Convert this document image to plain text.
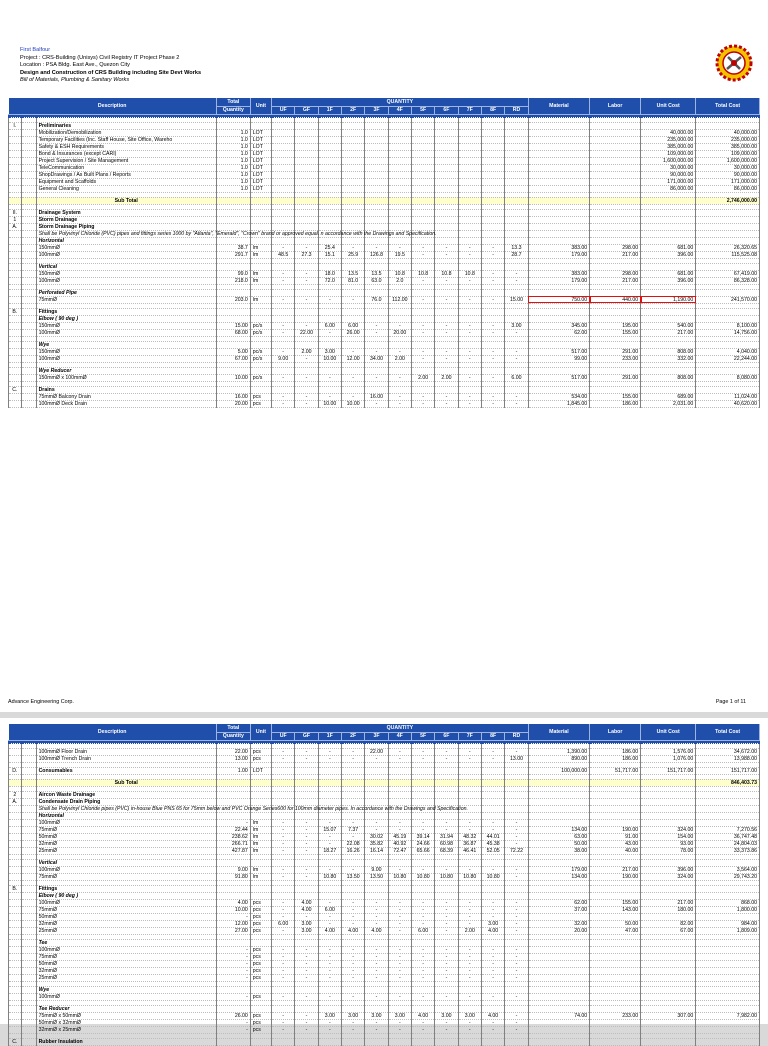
First Balfour
Project : CRS-Building (Unisys) Civil Registry IT Project Phase 2
Location : PSA Bldg. East Ave., Quezon City
Design and Construction of CRS Building including Site Devt Works
Bill of Materials, Plumbing & Sanitary Works
Description			Total	Unit	QUANTITY											Material	Labor	Unit Cost	Total Cost
			Quantity		UF	GF	1F	2F	3F	4F	5F	6F	7F	8F	RD				

I.		Preliminaries																	
		Mobilization/Demobilization	1.0	LOT														40,000.00	40,000.00
		Temporary Facilities (Inc. Staff House, Site Office, Wareho	1.0	LOT														235,000.00	235,000.00
		Safety & ESH Requirements	1.0	LOT														385,000.00	385,000.00
		Bond & Insurances (except CARI)	1.0	LOT														109,000.00	109,000.00
		Project Supervision / Site Management	1.0	LOT														1,600,000.00	1,600,000.00
		TeleCommunication	1.0	LOT														30,000.00	30,000.00
		ShopDrawings / As Built Plans / Reports	1.0	LOT														90,000.00	90,000.00
		Equipment and Scaffolds	1.0	LOT														171,000.00	171,000.00
		General Cleaning	1.0	LOT														86,000.00	86,000.00

		Sub Total																	2,746,000.00

II.		Drainage System																	
1		Storm Drainage																	
A.		Storm Drainage Piping																	
		Shall be Polyvinyl Chloride (PVC) pipes and fittings series 1000 by "Atlanta", "Emerald", "Crown" brand or approved equal. n accordance with the Drawings and Specification.																	
		Horizontal																	
		150mmØ	38.7	lm	-	-	25.4	-	-	-	-	-	-	-	13.3	383.00	298.00	681.00	26,320.65
		100mmØ	291.7	lm	48.5	27.3	15.1	25.9	126.8	19.5	-	-	-	-	28.7	179.00	217.00	396.00	115,525.08

		Vertical																	
		150mmØ	99.0	lm	-	-	18.0	13.5	13.5	10.8	10.8	10.8	10.8	-	-	383.00	298.00	681.00	67,419.00
		100mmØ	218.0	lm	-	-	72.0	81.0	63.0	2.0	-	-	-	-	-	179.00	217.00	396.00	86,328.00

		Perforated Pipe																	
		75mmØ	203.0	lm	-	-	-	-	76.0	112.00	-	-	-	-	15.00	750.00	440.00	1,190.00	241,570.00

B.		Fittings																	
		Elbow ( 90 deg )																	
		150mmØ	15.00	pc/s	-	-	6.00	6.00	-	-	-	-	-	-	3.00	345.00	195.00	540.00	8,100.00
		100mmØ	68.00	pc/s	-	22.00	-	26.00	-	20.00	-	-	-	-	-	62.00	155.00	217.00	14,756.00

		Wye																	
		150mmØ	5.00	pc/s	-	2.00	3.00	-	-	-	-	-	-	-	-	517.00	291.00	808.00	4,040.00
		100mmØ	67.00	pc/s	9.00	-	10.00	12.00	34.00	2.00	-	-	-	-	-	99.00	233.00	332.00	22,244.00

		Wye Reducer																	
		150mmØ x 100mmØ	10.00	pc/s	-	-	-	-	-	-	2.00	2.00	-	-	6.00	517.00	291.00	808.00	8,080.00

C.		Drains																	
		75mmØ Balcony Drain	16.00	pcs	-	-	-	-	16.00	-	-	-	-	-	-	534.00	155.00	689.00	11,024.00
		100mmØ Deck Drain	20.00	pcs	-	-	10.00	10.00	-	-	-	-	-	-	-	1,845.00	186.00	2,031.00	40,620.00
Advance Engineering Corp.	Page 1 of 11
Description			Total	Unit	QUANTITY											Material	Labor	Unit Cost	Total Cost
			Quantity		UF	GF	1F	2F	3F	4F	5F	6F	7F	8F	RD				

		100mmØ Floor Drain	22.00	pcs	-	-	-	-	22.00	-	-	-	-	-	-	1,390.00	186.00	1,576.00	34,672.00
		100mmØ Trench Drain	13.00	pcs	-	-	-	-	-	-	-	-	-	-	13.00	890.00	186.00	1,076.00	13,988.00

D.		Consumables	1.00	LOT												100,000.00	51,717.00	151,717.00	151,717.00

		Sub Total																	846,403.73

2		Aircon Waste Drainage																	
A.		Condensate Drain Piping																	
		Shall be Polyvinyl Chloride pipes (PVC) in-house Blue PNS 65 for 75mm below and PVC Orange Series600 for 100mm diameter pipes. In accordance with the Drawings and Specification.																	
		Horizontal																	
		100mmØ	-	lm	-	-	-	-	-	-	-	-	-	-	-				
		75mmØ	22.44	lm	-	-	15.07	7.37	-	-	-	-	-	-	-	134.00	190.00	324.00	7,270.56
		50mmØ	238.62	lm	-	-	-	-	30.02	45.19	39.14	31.94	48.32	44.01	-	63.00	91.00	154.00	36,747.48
		32mmØ	266.71	lm	-	-	-	22.08	35.82	40.92	24.66	60.98	36.87	45.38	-	50.00	43.00	93.00	24,804.03
		25mmØ	427.87	lm	-	-	18.27	16.26	16.14	72.47	65.66	68.39	46.41	52.05	72.22	38.00	40.00	78.00	33,373.86

		Vertical																	
		100mmØ	9.00	lm	-	-	-	-	9.00	-	-	-	-	-	-	179.00	217.00	396.00	3,564.00
		75mmØ	91.80	lm	-	-	10.80	13.50	13.50	10.80	10.80	10.80	10.80	10.80	-	134.00	190.00	324.00	29,743.20

B.		Fittings																	
		Elbow ( 90 deg )																	
		100mmØ	4.00	pcs	-	4.00	-	-	-	-	-	-	-	-	-	62.00	155.00	217.00	868.00
		75mmØ	10.00	pcs	-	4.00	6.00	-	-	-	-	-	-	-	-	37.00	143.00	180.00	1,800.00
		50mmØ	-	pcs	-	-	-	-	-	-	-	-	-	-	-				
		32mmØ	12.00	pcs	6.00	3.00	-	-	-	-	-	-	-	3.00	-	32.00	50.00	82.00	984.00
		25mmØ	27.00	pcs	-	3.00	4.00	4.00	4.00	-	6.00	-	2.00	4.00	-	20.00	47.00	67.00	1,809.00

		Tee																	
		100mmØ	-	pcs	-	-	-	-	-	-	-	-	-	-	-				
		75mmØ	-	pcs	-	-	-	-	-	-	-	-	-	-	-				
		50mmØ	-	pcs	-	-	-	-	-	-	-	-	-	-	-				
		32mmØ	-	pcs	-	-	-	-	-	-	-	-	-	-	-				
		25mmØ	-	pcs	-	-	-	-	-	-	-	-	-	-	-				

		Wye																	
		100mmØ	-	pcs	-	-	-	-	-	-	-	-	-	-	-				

		Tee Reducer																	
		75mmØ x 50mmØ	26.00	pcs	-	-	3.00	3.00	3.00	3.00	4.00	3.00	3.00	4.00	-	74.00	233.00	307.00	7,982.00
		50mmØ x 32mmØ	-	pcs	-	-	-	-	-	-	-	-	-	-	-				
		32mmØ x 25mmØ	-	pcs	-	-	-	-	-	-	-	-	-	-	-				

C.		Rubber Insulation																	
